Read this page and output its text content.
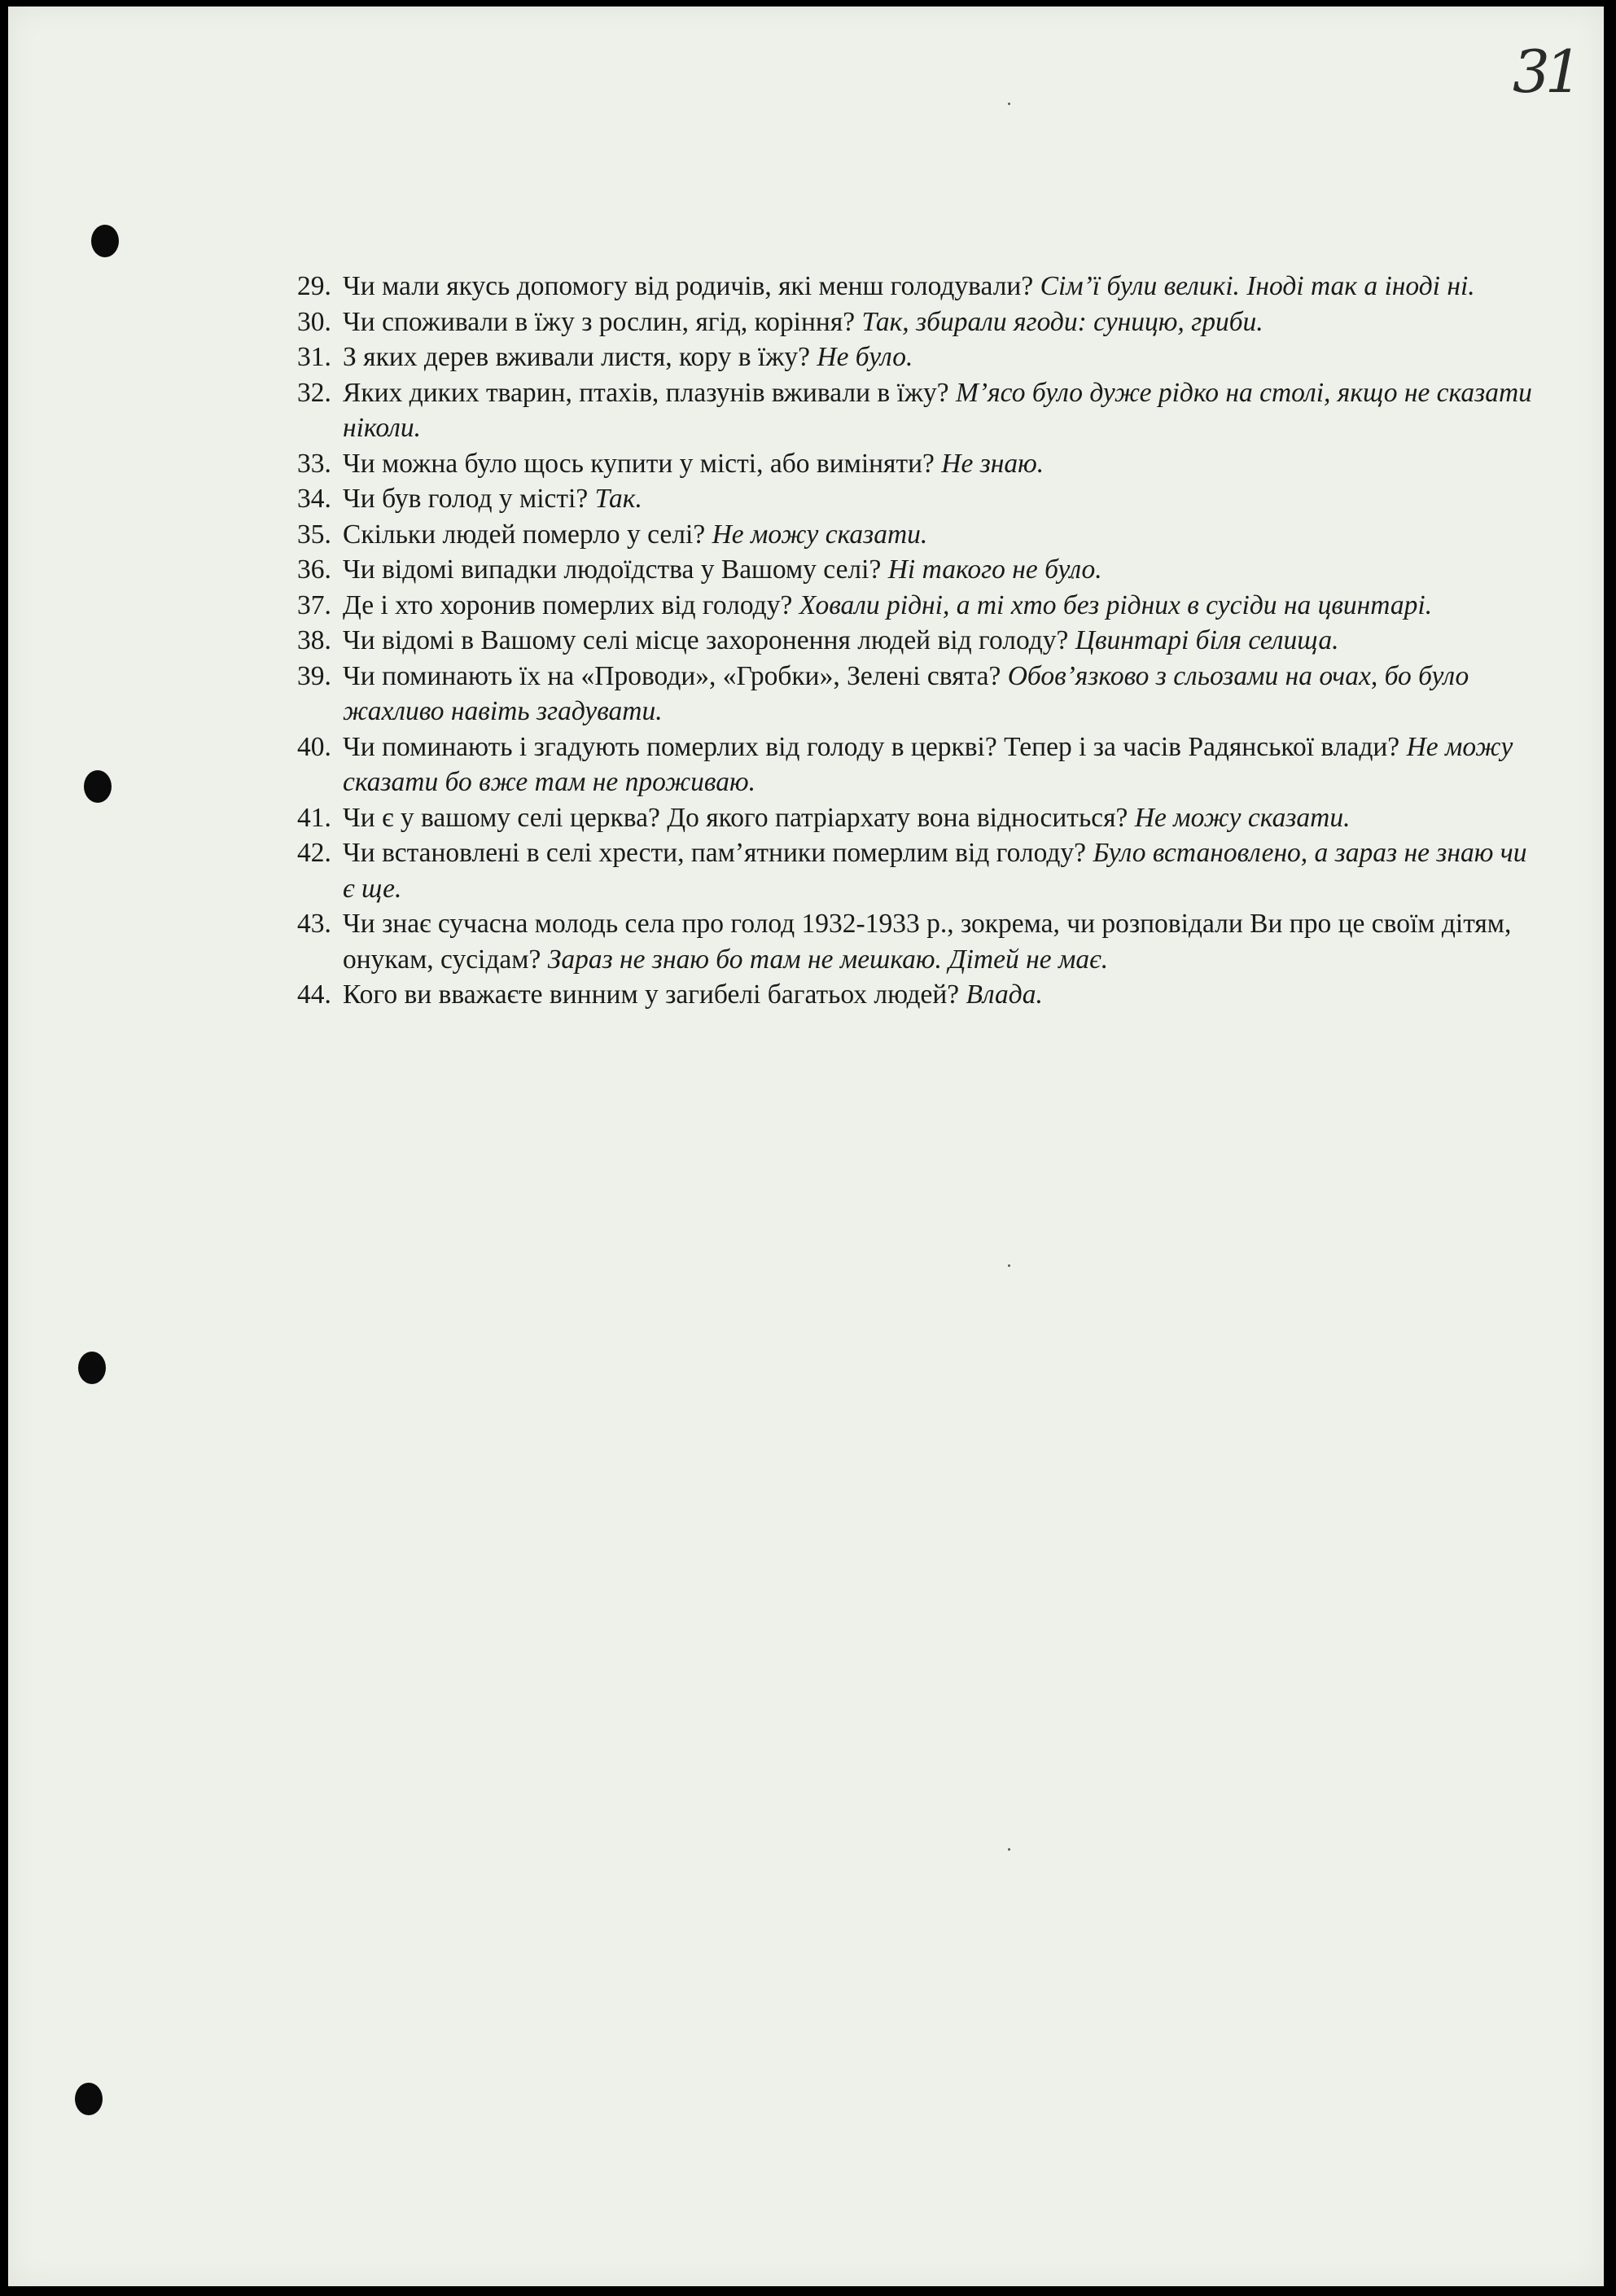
31
29. Чи мали якусь допомогу від родичів, які менш голодували? Сім’ї були великі. Іноді так а іноді ні.
30. Чи споживали в їжу з рослин, ягід, коріння? Так, збирали ягоди: суницю, гриби.
31. З яких дерев вживали листя, кору в їжу? Не було.
32. Яких диких тварин, птахів, плазунів вживали в їжу? М’ясо було дуже рідко на столі, якщо не сказати ніколи.
33. Чи можна було щось купити у місті, або виміняти? Не знаю.
34. Чи був голод у місті? Так.
35. Скільки людей померло у селі? Не можу сказати.
36. Чи відомі випадки людоїдства у Вашому селі? Ні такого не було.
37. Де і хто хоронив померлих від голоду? Ховали рідні, а ті хто без рідних в сусіди на цвинтарі.
38. Чи відомі в Вашому селі місце захоронення людей від голоду? Цвинтарі біля селища.
39. Чи поминають їх на «Проводи», «Гробки», Зелені свята? Обов’язково з сльозами на очах, бо було жахливо навіть згадувати.
40. Чи поминають і згадують померлих від голоду в церкві? Тепер і за часів Радянської влади? Не можу сказати бо вже там не проживаю.
41. Чи є у вашому селі церква? До якого патріархату вона відноситься? Не можу сказати.
42. Чи встановлені в селі хрести, пам’ятники померлим від голоду? Було встановлено, а зараз не знаю чи є ще.
43. Чи знає сучасна молодь села про голод 1932-1933 р., зокрема, чи розповідали Ви про це своїм дітям, онукам, сусідам? Зараз не знаю бо там не мешкаю. Дітей не має.
44. Кого ви вважаєте винним у загибелі багатьох людей? Влада.
